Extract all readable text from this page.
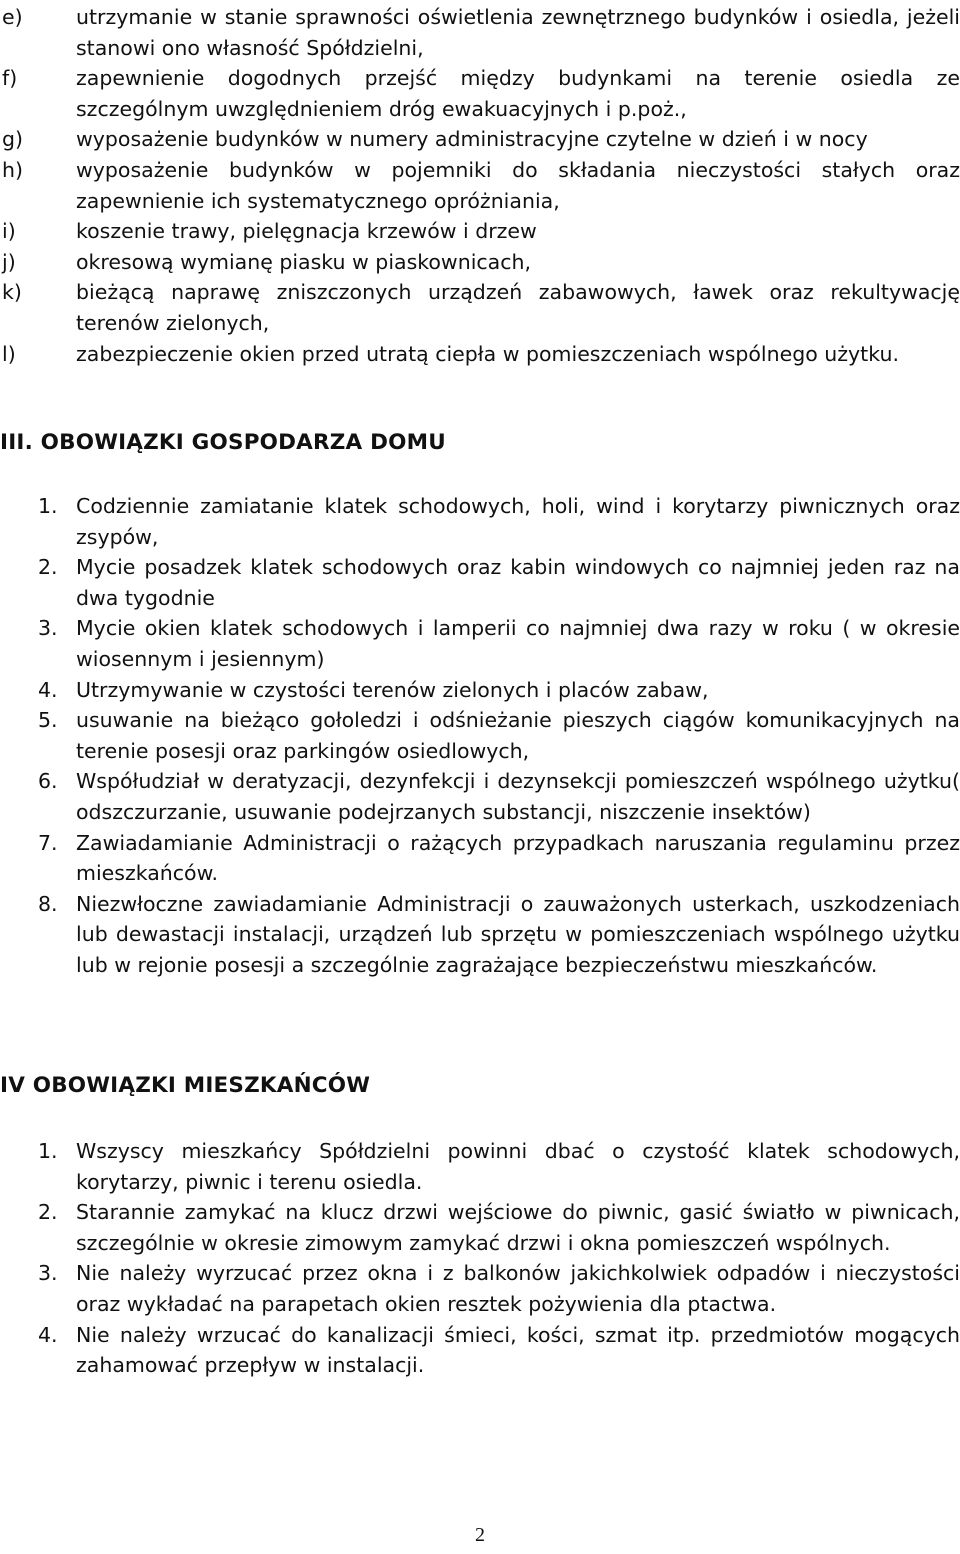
1. e)	utrzymanie w stanie sprawności oświetlenia zewnętrznego budynków i osiedla, jeżeli stanowi ono własność Spółdzielni,
2. f)	zapewnienie dogodnych przejść między budynkami na terenie osiedla ze szczególnym uwzględnieniem dróg ewakuacyjnych i p.poż.,
3. g)	wyposażenie budynków w numery administracyjne czytelne w dzień i w nocy
4. h)	wyposażenie budynków w pojemniki do składania nieczystości stałych oraz zapewnienie ich systematycznego opróżniania,
5. i)	koszenie trawy, pielęgnacja krzewów i drzew
6. j)	okresową wymianę piasku w piaskownicach,
7. k)	bieżącą naprawę zniszczonych urządzeń zabawowych, ławek oraz rekultywację terenów zielonych,
8. l)	zabezpieczenie okien przed utratą ciepła w pomieszczeniach wspólnego użytku.
III. OBOWIĄZKI GOSPODARZA DOMU
1. 1. Codziennie zamiatanie klatek schodowych, holi, wind i korytarzy piwnicznych oraz zsypów,
2. 2. Mycie posadzek klatek schodowych oraz kabin windowych co najmniej jeden raz na dwa tygodnie
3. 3. Mycie okien klatek schodowych i lamperii co najmniej dwa razy w roku ( w okresie wiosennym i jesiennym)
4. 4. Utrzymywanie w czystości terenów zielonych i placów zabaw,
5. 5. usuwanie na bieżąco gołoledzi i odśnieżanie pieszych ciągów komunikacyjnych na terenie posesji oraz parkingów osiedlowych,
6. 6. Współudział w deratyzacji, dezynfekcji i dezynsekcji pomieszczeń wspólnego użytku( odszczurzanie, usuwanie podejrzanych substancji, niszczenie insektów)
7. 7. Zawiadamianie Administracji o rażących przypadkach naruszania regulaminu przez mieszkańców.
8. 8. Niezwłoczne zawiadamianie Administracji o zauważonych usterkach, uszkodzeniach lub dewastacji instalacji, urządzeń lub sprzętu w pomieszczeniach wspólnego użytku lub w rejonie posesji a szczególnie zagrażające bezpieczeństwu mieszkańców.
IV OBOWIĄZKI MIESZKAŃCÓW
1. 1. Wszyscy mieszkańcy Spółdzielni powinni dbać o czystość klatek schodowych, korytarzy, piwnic i terenu osiedla.
2. 2. Starannie zamykać na klucz drzwi wejściowe do piwnic, gasić światło w piwnicach, szczególnie w okresie zimowym zamykać drzwi i okna pomieszczeń wspólnych.
3. 3. Nie należy wyrzucać przez okna i z balkonów jakichkolwiek odpadów i nieczystości oraz wykładać na parapetach okien resztek pożywienia dla ptactwa.
4. 4. Nie należy wrzucać do kanalizacji śmieci, kości, szmat itp. przedmiotów mogących zahamować przepływ w instalacji.
2
